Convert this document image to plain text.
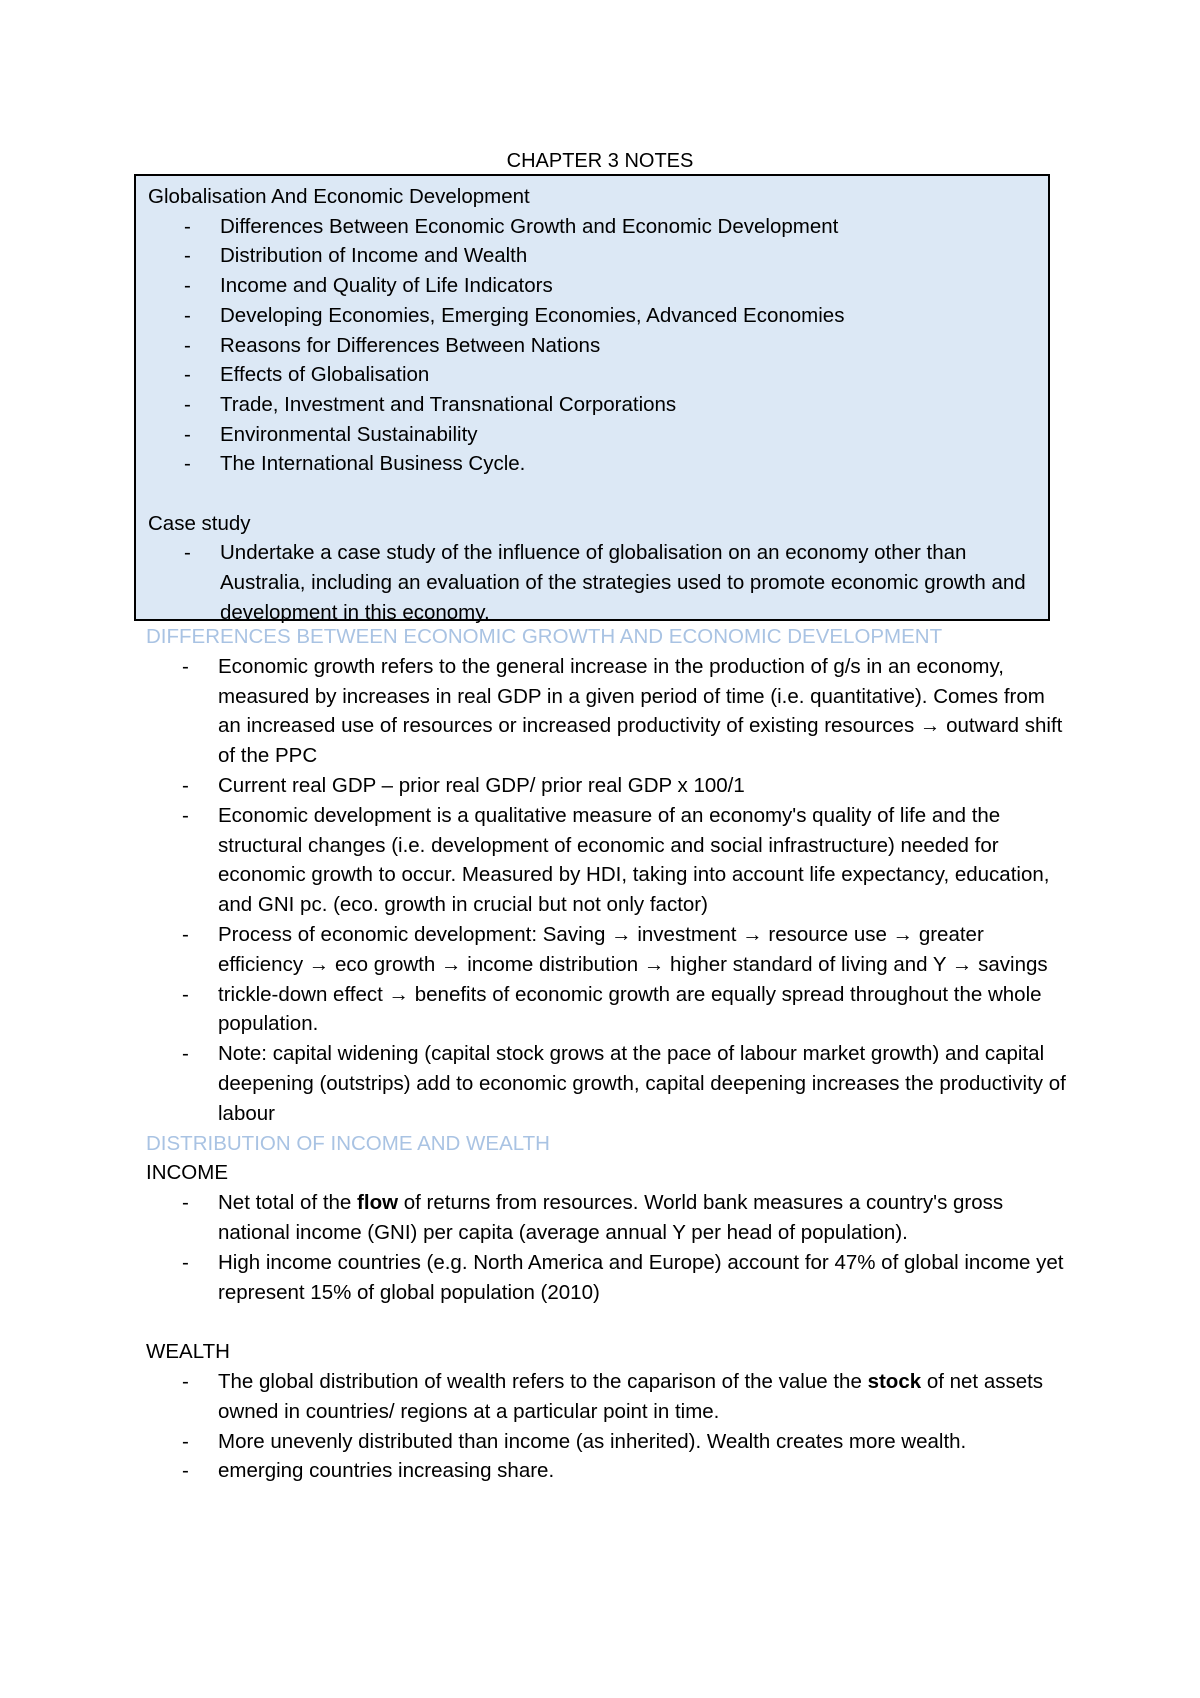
CHAPTER 3 NOTES
Globalisation And Economic Development
- Differences Between Economic Growth and Economic Development
- Distribution of Income and Wealth
- Income and Quality of Life Indicators
- Developing Economies, Emerging Economies, Advanced Economies
- Reasons for Differences Between Nations
- Effects of Globalisation
- Trade, Investment and Transnational Corporations
- Environmental Sustainability
- The International Business Cycle.
Case study
- Undertake a case study of the influence of globalisation on an economy other than Australia, including an evaluation of the strategies used to promote economic growth and development in this economy.
DIFFERENCES BETWEEN ECONOMIC GROWTH AND ECONOMIC DEVELOPMENT
- Economic growth refers to the general increase in the production of g/s in an economy, measured by increases in real GDP in a given period of time (i.e. quantitative). Comes from an increased use of resources or increased productivity of existing resources → outward shift of the PPC
- Current real GDP – prior real GDP/ prior real GDP x 100/1
- Economic development is a qualitative measure of an economy's quality of life and the structural changes (i.e. development of economic and social infrastructure) needed for economic growth to occur. Measured by HDI, taking into account life expectancy, education, and GNI pc. (eco. growth in crucial but not only factor)
- Process of economic development: Saving → investment → resource use → greater efficiency → eco growth → income distribution → higher standard of living and Y → savings
- trickle-down effect → benefits of economic growth are equally spread throughout the whole population.
- Note: capital widening (capital stock grows at the pace of labour market growth) and capital deepening (outstrips) add to economic growth, capital deepening increases the productivity of labour
DISTRIBUTION OF INCOME AND WEALTH
INCOME
- Net total of the flow of returns from resources. World bank measures a country's gross national income (GNI) per capita (average annual Y per head of population).
- High income countries (e.g. North America and Europe) account for 47% of global income yet represent 15% of global population (2010)
WEALTH
- The global distribution of wealth refers to the caparison of the value the stock of net assets owned in countries/ regions at a particular point in time.
- More unevenly distributed than income (as inherited). Wealth creates more wealth.
- emerging countries increasing share.
